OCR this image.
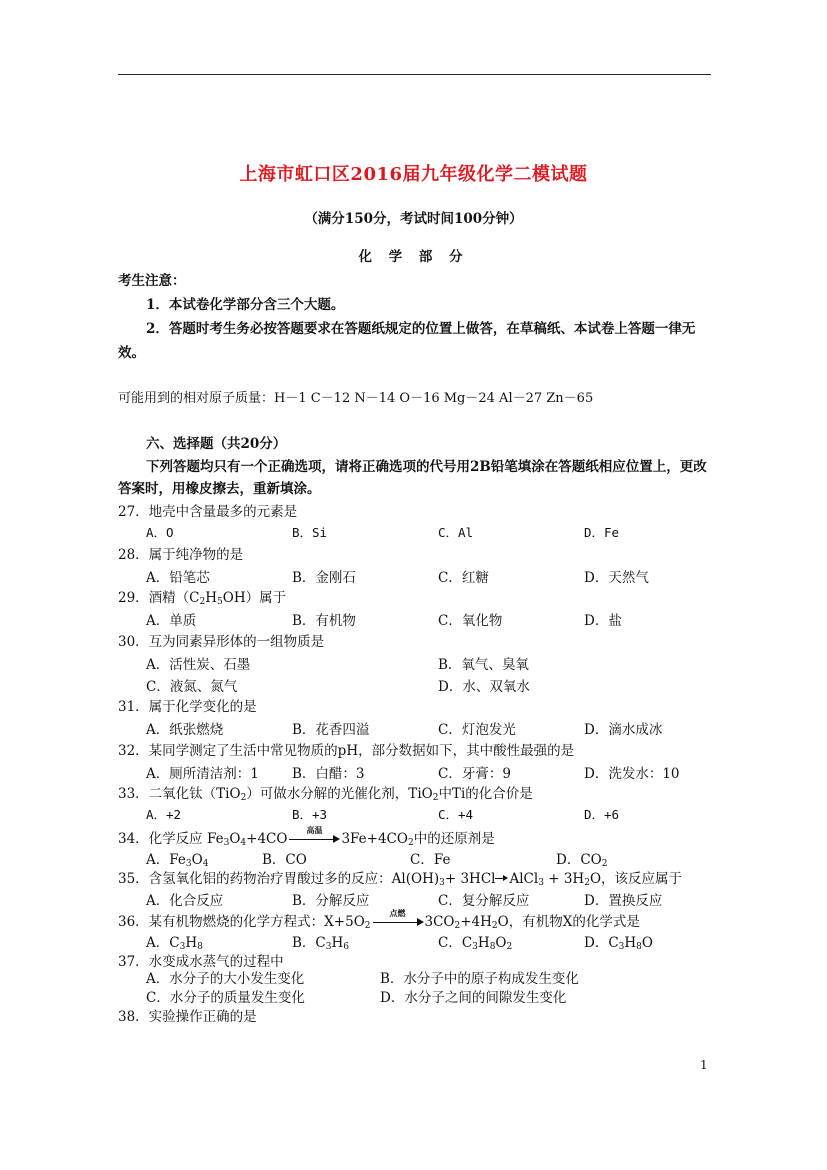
上海市虹口区2016届九年级化学二模试题
（满分150分，考试时间100分钟）
化 学 部 分
考生注意：
1．本试卷化学部分含三个大题。
2．答题时考生务必按答题要求在答题纸规定的位置上做答，在草稿纸、本试卷上答题一律无效。
可能用到的相对原子质量：H－1 C－12 N－14 O－16 Mg－24 Al－27 Zn－65
六、选择题（共20分）
下列答题均只有一个正确选项，请将正确选项的代号用2B铅笔填涂在答题纸相应位置上，更改答案时，用橡皮擦去，重新填涂。
27．地壳中含量最多的元素是
A．O	B．Si	C．Al	D．Fe
28．属于纯净物的是
A．铅笔芯	B．金刚石	C．红糖	D．天然气
29．酒精$(C_2H_5OH)$属于
A．单质	B．有机物	C．氧化物	D．盐
30．互为同素异形体的一组物质是
A．活性炭、石墨	B．氧气、臭氧
C．液氮、氮气	D．水、双氧水
31．属于化学变化的是
A．纸张燃烧	B．花香四溢	C．灯泡发光	D．滴水成冰
32．某同学测定了生活中常见物质的pH，部分数据如下，其中酸性最强的是
A．厕所清洁剂：1 B．白醋：3	C．牙膏：9	D．洗发水：10
33．二氧化钛（TiO$_2$）可做水分解的光催化剂，TiO$_2$中Ti的化合价是
A．+2	B．+3	C．+4	D．+6
34．化学反应 $Fe_3O_4+4CO$
高温
$3Fe+4CO_2$中的还原剂是
A．$Fe_3O_4$	B．CO	C．Fe	D．$CO_2$
35．含氢氧化铝的药物治疗胃酸过多的反应：$Al(OH)_3+ 3HCl$ AlCl$_3$ + $3H_2O$，该反应属于
A．化合反应	B．分解反应	C．复分解反应	D．置换反应
36．某有机物燃烧的化学方程式：$X+5O_2$
点燃
$3CO_2+4H_2O$，有机物X的化学式是
A．$C_3H_8$	B．$C_3H_6$	C．$C_3H_8O_2$	D．$C_3H_8O$
37．水变成水蒸气的过程中
A．水分子的大小发生变化	B．水分子中的原子构成发生变化
C．水分子的质量发生变化	D．水分子之间的间隙发生变化
38．实验操作正确的是
1
